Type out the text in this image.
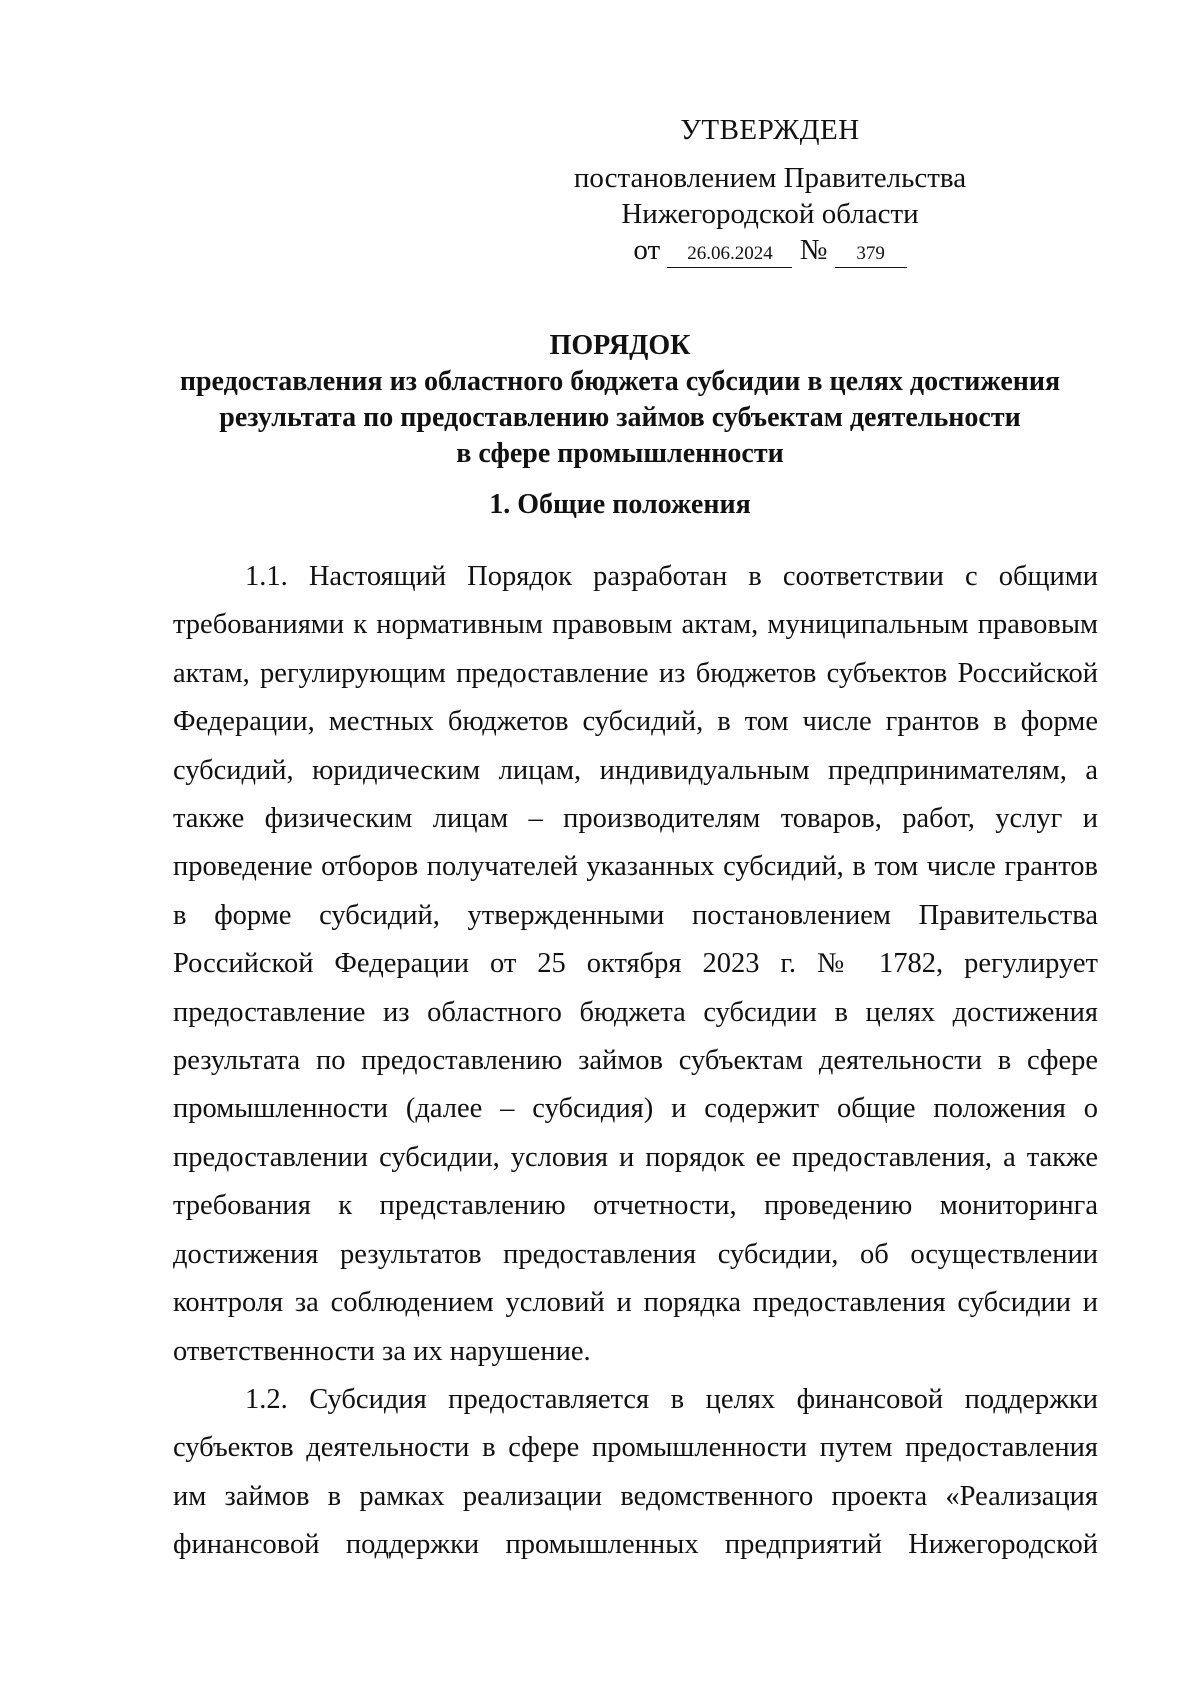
УТВЕРЖДЕН
постановлением Правительства
Нижегородской области
от 26.06.2024 № 379
ПОРЯДОК
предоставления из областного бюджета субсидии в целях достижения
результата по предоставлению займов субъектам деятельности
в сфере промышленности
1. Общие положения

1.1. Настоящий Порядок разработан в соответствии с общими требованиями к нормативным правовым актам, муниципальным правовым актам, регулирующим предоставление из бюджетов субъектов Российской Федерации, местных бюджетов субсидий, в том числе грантов в форме субсидий, юридическим лицам, индивидуальным предпринимателям, а также физическим лицам – производителям товаров, работ, услуг и проведение отборов получателей указанных субсидий, в том числе грантов в форме субсидий, утвержденными постановлением Правительства Российской Федерации от 25 октября 2023 г. № 1782, регулирует предоставление из областного бюджета субсидии в целях достижения результата по предоставлению займов субъектам деятельности в сфере промышленности (далее – субсидия) и содержит общие положения о предоставлении субсидии, условия и порядок ее предоставления, а также требования к представлению отчетности, проведению мониторинга достижения результатов предоставления субсидии, об осуществлении контроля за соблюдением условий и порядка предоставления субсидии и ответственности за их нарушение.

1.2. Субсидия предоставляется в целях финансовой поддержки субъектов деятельности в сфере промышленности путем предоставления им займов в рамках реализации ведомственного проекта «Реализация финансовой поддержки промышленных предприятий Нижегородской
